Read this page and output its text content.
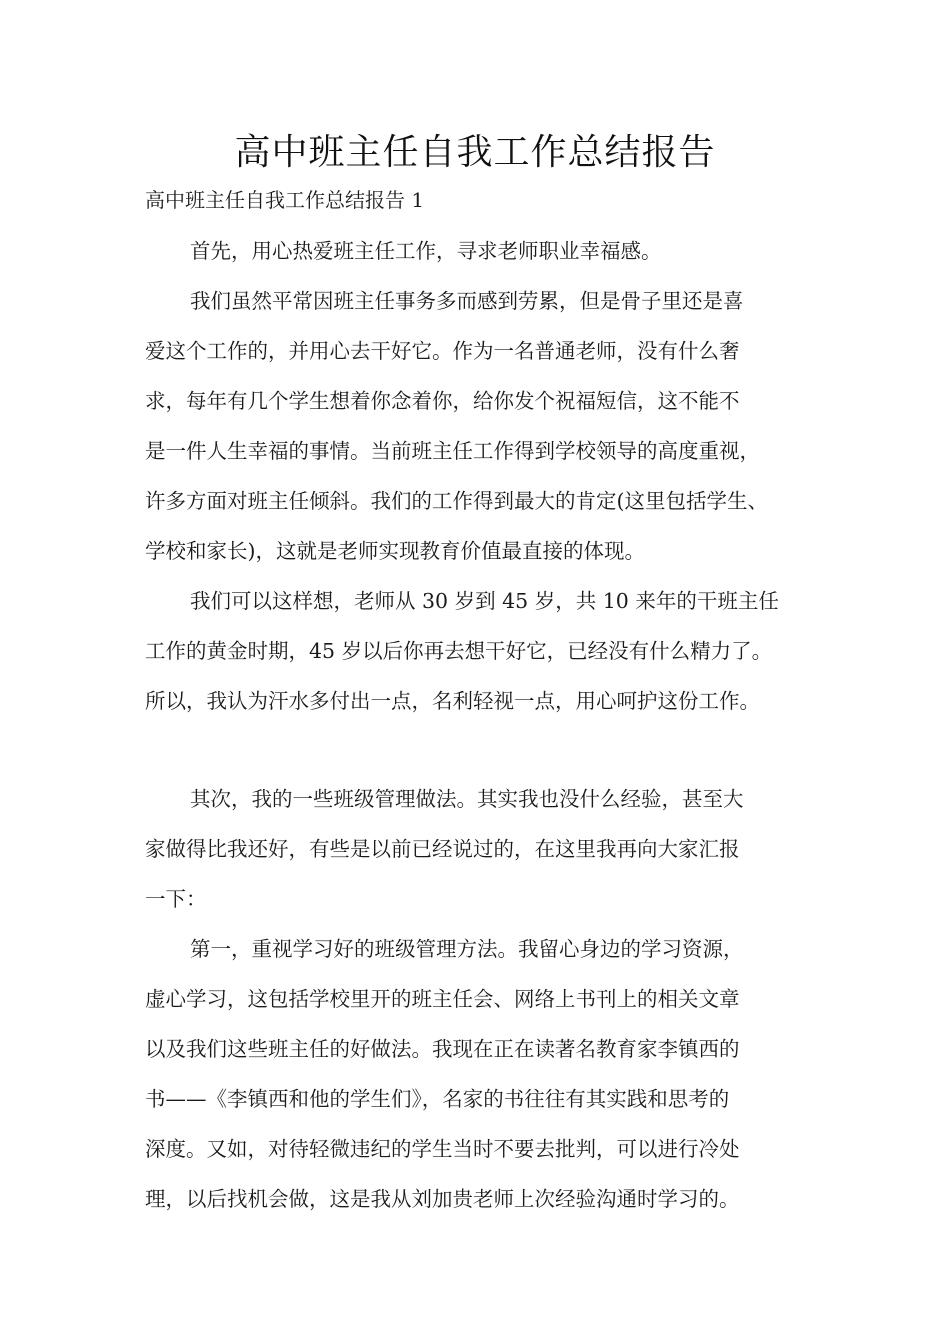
高中班主任自我工作总结报告

高中班主任自我工作总结报告 1

首先，用心热爱班主任工作，寻求老师职业幸福感。

我们虽然平常因班主任事务多而感到劳累，但是骨子里还是喜

爱这个工作的，并用心去干好它。作为一名普通老师，没有什么奢

求，每年有几个学生想着你念着你，给你发个祝福短信，这不能不

是一件人生幸福的事情。当前班主任工作得到学校领导的高度重视，

许多方面对班主任倾斜。我们的工作得到最大的肯定(这里包括学生、

学校和家长)，这就是老师实现教育价值最直接的体现。

我们可以这样想，老师从 30 岁到 45 岁，共 10 来年的干班主任

工作的黄金时期，45 岁以后你再去想干好它，已经没有什么精力了。

所以，我认为汗水多付出一点，名利轻视一点，用心呵护这份工作。

其次，我的一些班级管理做法。其实我也没什么经验，甚至大

家做得比我还好，有些是以前已经说过的，在这里我再向大家汇报

一下：

第一，重视学习好的班级管理方法。我留心身边的学习资源，

虚心学习，这包括学校里开的班主任会、网络上书刊上的相关文章

以及我们这些班主任的好做法。我现在正在读著名教育家李镇西的

书——《李镇西和他的学生们》，名家的书往往有其实践和思考的

深度。又如，对待轻微违纪的学生当时不要去批判，可以进行冷处

理，以后找机会做，这是我从刘加贵老师上次经验沟通时学习的。
